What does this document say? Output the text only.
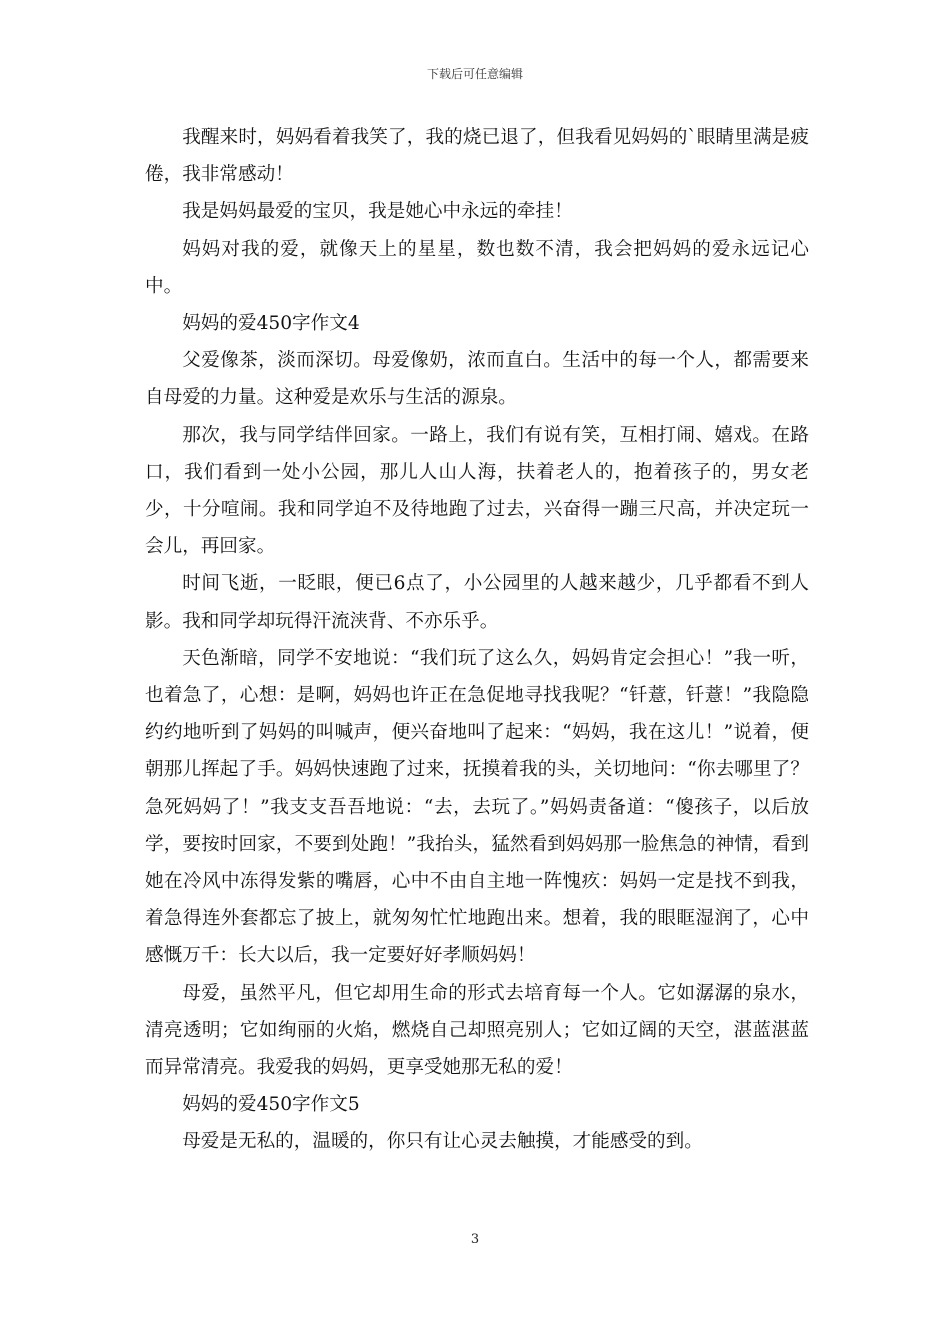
下载后可任意编辑

我醒来时，妈妈看着我笑了，我的烧已退了，但我看见妈妈的`眼睛里满是疲倦，我非常感动！

我是妈妈最爱的宝贝，我是她心中永远的牵挂！

妈妈对我的爱，就像天上的星星，数也数不清，我会把妈妈的爱永远记心中。

妈妈的爱450字作文4

父爱像茶，淡而深切。母爱像奶，浓而直白。生活中的每一个人，都需要来自母爱的力量。这种爱是欢乐与生活的源泉。

那次，我与同学结伴回家。一路上，我们有说有笑，互相打闹、嬉戏。在路口，我们看到一处小公园，那儿人山人海，扶着老人的，抱着孩子的，男女老少，十分喧闹。我和同学迫不及待地跑了过去，兴奋得一蹦三尺高，并决定玩一会儿，再回家。

时间飞逝，一眨眼，便已6点了，小公园里的人越来越少，几乎都看不到人影。我和同学却玩得汗流浃背、不亦乐乎。

天色渐暗，同学不安地说：“我们玩了这么久，妈妈肯定会担心！”我一听，也着急了，心想：是啊，妈妈也许正在急促地寻找我呢？“钎薏，钎薏！”我隐隐约约地听到了妈妈的叫喊声，便兴奋地叫了起来：“妈妈，我在这儿！”说着，便朝那儿挥起了手。妈妈快速跑了过来，抚摸着我的头，关切地问：“你去哪里了？急死妈妈了！”我支支吾吾地说：“去，去玩了。”妈妈责备道：“傻孩子，以后放学，要按时回家，不要到处跑！”我抬头，猛然看到妈妈那一脸焦急的神情，看到她在冷风中冻得发紫的嘴唇，心中不由自主地一阵愧疚：妈妈一定是找不到我，着急得连外套都忘了披上，就匆匆忙忙地跑出来。想着，我的眼眶湿润了，心中感慨万千：长大以后，我一定要好好孝顺妈妈！

母爱，虽然平凡，但它却用生命的形式去培育每一个人。它如潺潺的泉水，清亮透明；它如绚丽的火焰，燃烧自己却照亮别人；它如辽阔的天空，湛蓝湛蓝而异常清亮。我爱我的妈妈，更享受她那无私的爱！

妈妈的爱450字作文5

母爱是无私的，温暖的，你只有让心灵去触摸，才能感受的到。

3
